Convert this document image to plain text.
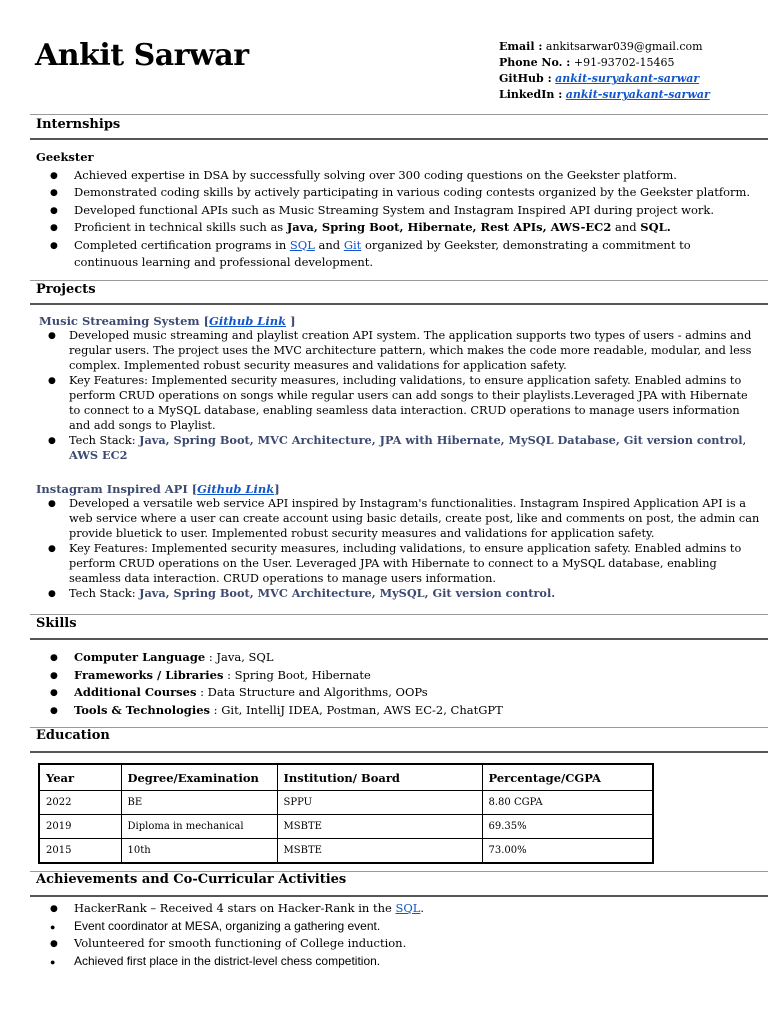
Ankit Sarwar	Email : ankitsarwar039@gmail.com
Phone No. : +91-93702-15465
GitHub : ankit-suryakant-sarwar
LinkedIn : ankit-suryakant-sarwar
Internships
Geekster
● Achieved expertise in DSA by successfully solving over 300 coding questions on the Geekster platform.
● Demonstrated coding skills by actively participating in various coding contests organized by the Geekster platform.
● Developed functional APIs such as Music Streaming System and Instagram Inspired API during project work.
● Proficient in technical skills such as Java, Spring Boot, Hibernate, Rest APIs, AWS-EC2 and SQL.
● Completed certification programs in SQL and Git organized by Geekster, demonstrating a commitment to continuous learning and professional development.
Projects
Music Streaming System [Github Link ]
● Developed music streaming and playlist creation API system. The application supports two types of users - admins and regular users. The project uses the MVC architecture pattern, which makes the code more readable, modular, and less complex. Implemented robust security measures and validations for application safety.
● Key Features: Implemented security measures, including validations, to ensure application safety. Enabled admins to perform CRUD operations on songs while regular users can add songs to their playlists.Leveraged JPA with Hibernate to connect to a MySQL database, enabling seamless data interaction. CRUD operations to manage users information and add songs to Playlist.
● Tech Stack: Java, Spring Boot, MVC Architecture, JPA with Hibernate, MySQL Database, Git version control, AWS EC2
Instagram Inspired API [Github Link]
● Developed a versatile web service API inspired by Instagram's functionalities. Instagram Inspired Application API is a web service where a user can create account using basic details, create post, like and comments on post, the admin can provide bluetick to user. Implemented robust security measures and validations for application safety.
● Key Features: Implemented security measures, including validations, to ensure application safety. Enabled admins to perform CRUD operations on the User. Leveraged JPA with Hibernate to connect to a MySQL database, enabling seamless data interaction. CRUD operations to manage users information.
● Tech Stack: Java, Spring Boot, MVC Architecture, MySQL, Git version control.
Skills
● Computer Language : Java, SQL
● Frameworks / Libraries : Spring Boot, Hibernate
● Additional Courses : Data Structure and Algorithms, OOPs
● Tools & Technologies : Git, IntelliJ IDEA, Postman, AWS EC-2, ChatGPT
Education
Year	Degree/Examination	Institution/ Board	Percentage/CGPA
2022	BE	SPPU	8.80 CGPA
2019	Diploma in mechanical	MSBTE	69.35%
2015	10th	MSBTE	73.00%
Achievements and Co-Curricular Activities
● HackerRank – Received 4 stars on Hacker-Rank in the SQL.
● Event coordinator at MESA, organizing a gathering event.
● Volunteered for smooth functioning of College induction.
● Achieved first place in the district-level chess competition.
